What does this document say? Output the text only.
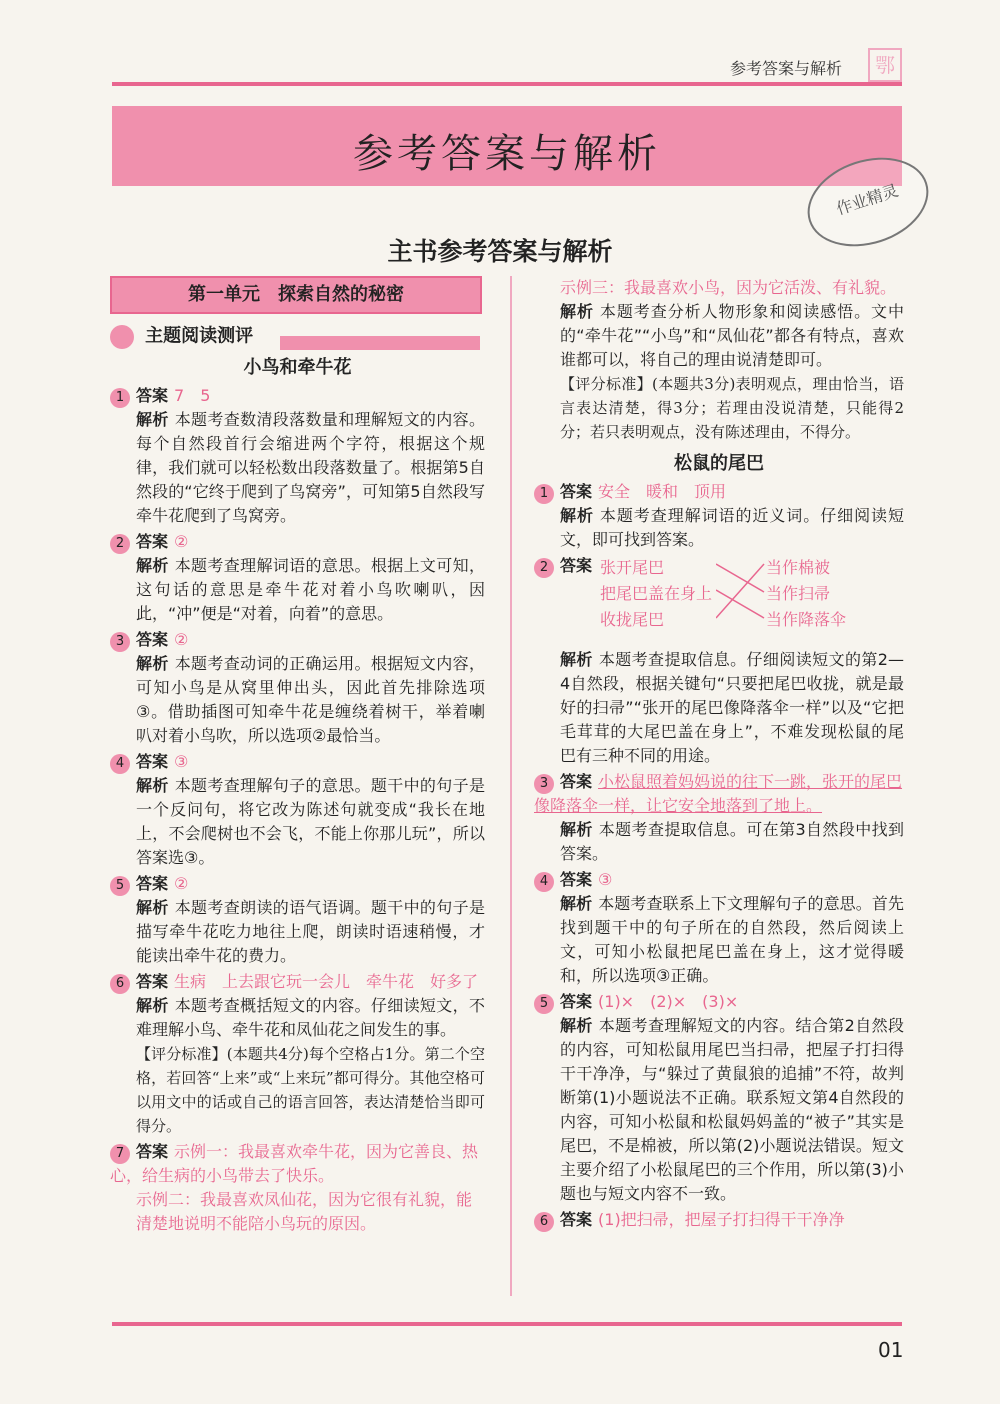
参考答案与解析	鄂
参考答案与解析
作业精灵
主书参考答案与解析
第一单元　探索自然的秘密
主题阅读测评
小鸟和牵牛花
1 答案 7　5
解析 本题考查数清段落数量和理解短文的内容。每个自然段首行会缩进两个字符，根据这个规律，我们就可以轻松数出段落数量了。根据第5自然段的“它终于爬到了鸟窝旁”，可知第5自然段写牵牛花爬到了鸟窝旁。
2 答案 ②
解析 本题考查理解词语的意思。根据上文可知，这句话的意思是牵牛花对着小鸟吹喇叭，因此，“冲”便是“对着，向着”的意思。
3 答案 ②
解析 本题考查动词的正确运用。根据短文内容，可知小鸟是从窝里伸出头，因此首先排除选项③。借助插图可知牵牛花是缠绕着树干，举着喇叭对着小鸟吹，所以选项②最恰当。
4 答案 ③
解析 本题考查理解句子的意思。题干中的句子是一个反问句，将它改为陈述句就变成“我长在地上，不会爬树也不会飞，不能上你那儿玩”，所以答案选③。
5 答案 ②
解析 本题考查朗读的语气语调。题干中的句子是描写牵牛花吃力地往上爬，朗读时语速稍慢，才能读出牵牛花的费力。
6 答案 生病　上去跟它玩一会儿　牵牛花　好多了
解析 本题考查概括短文的内容。仔细读短文，不难理解小鸟、牵牛花和凤仙花之间发生的事。
【评分标准】(本题共4分)每个空格占1分。第二个空格，若回答“上来”或“上来玩”都可得分。其他空格可以用文中的话或自己的语言回答，表达清楚恰当即可得分。
7 答案 示例一：我最喜欢牵牛花，因为它善良、热心，给生病的小鸟带去了快乐。
示例二：我最喜欢凤仙花，因为它很有礼貌，能清楚地说明不能陪小鸟玩的原因。
示例三：我最喜欢小鸟，因为它活泼、有礼貌。
解析 本题考查分析人物形象和阅读感悟。文中的“牵牛花”“小鸟”和“凤仙花”都各有特点，喜欢谁都可以，将自己的理由说清楚即可。
【评分标准】(本题共3分)表明观点，理由恰当，语言表达清楚，得3分；若理由没说清楚，只能得2分；若只表明观点，没有陈述理由，不得分。
松鼠的尾巴
1 答案 安全　暖和　顶用
解析 本题考查理解词语的近义词。仔细阅读短文，即可找到答案。
2 答案 张开尾巴
把尾巴盖在身上
收拢尾巴
当作棉被
当作扫帚
当作降落伞
解析 本题考查提取信息。仔细阅读短文的第2—4自然段，根据关键句“只要把尾巴收拢，就是最好的扫帚”“张开的尾巴像降落伞一样”以及“它把毛茸茸的大尾巴盖在身上”，不难发现松鼠的尾巴有三种不同的用途。
3 答案 小松鼠照着妈妈说的往下一跳，张开的尾巴像降落伞一样，让它安全地落到了地上。
解析 本题考查提取信息。可在第3自然段中找到答案。
4 答案 ③
解析 本题考查联系上下文理解句子的意思。首先找到题干中的句子所在的自然段，然后阅读上文，可知小松鼠把尾巴盖在身上，这才觉得暖和，所以选项③正确。
5 答案 (1)×　(2)×　(3)×
解析 本题考查理解短文的内容。结合第2自然段的内容，可知松鼠用尾巴当扫帚，把屋子打扫得干干净净，与“躲过了黄鼠狼的追捕”不符，故判断第(1)小题说法不正确。联系短文第4自然段的内容，可知小松鼠和松鼠妈妈盖的“被子”其实是尾巴，不是棉被，所以第(2)小题说法错误。短文主要介绍了小松鼠尾巴的三个作用，所以第(3)小题也与短文内容不一致。
6 答案 (1)把扫帚，把屋子打扫得干干净净
01
